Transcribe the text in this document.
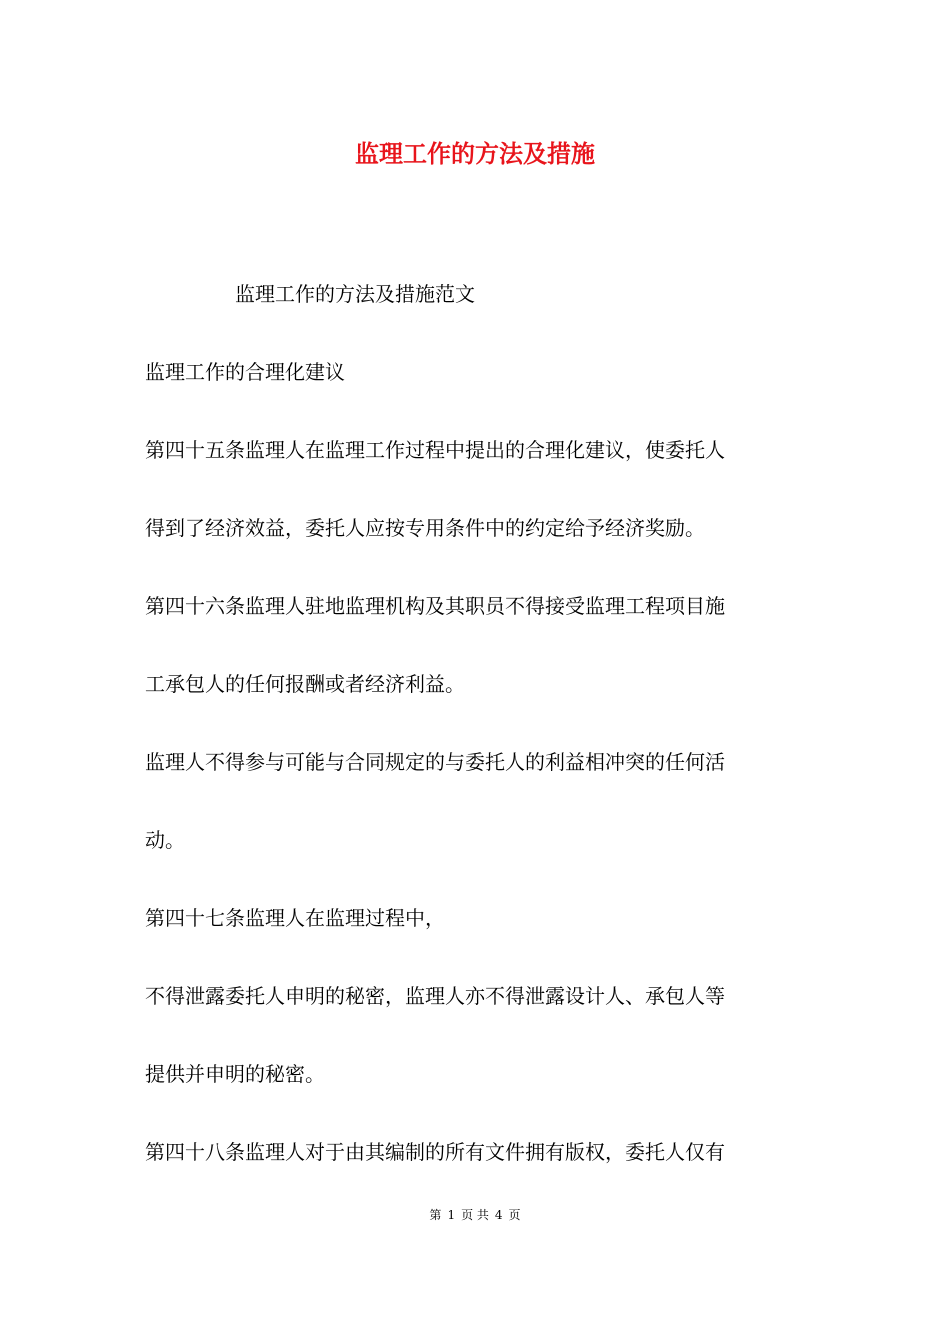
监理工作的方法及措施
监理工作的方法及措施范文
监理工作的合理化建议
第四十五条监理人在监理工作过程中提出的合理化建议，使委托人
得到了经济效益，委托人应按专用条件中的约定给予经济奖励。
第四十六条监理人驻地监理机构及其职员不得接受监理工程项目施
工承包人的任何报酬或者经济利益。
监理人不得参与可能与合同规定的与委托人的利益相冲突的任何活
动。
第四十七条监理人在监理过程中，
不得泄露委托人申明的秘密，监理人亦不得泄露设计人、承包人等
提供并申明的秘密。
第四十八条监理人对于由其编制的所有文件拥有版权，委托人仅有
第 1 页 共 4 页
